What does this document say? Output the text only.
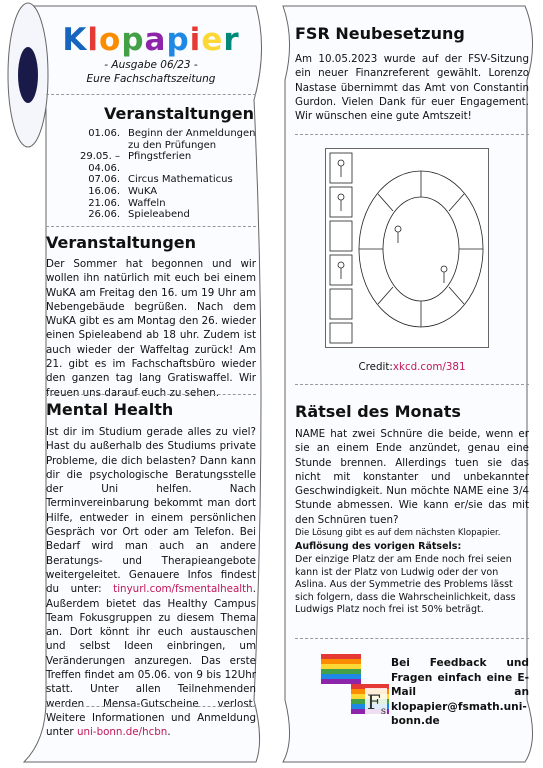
Klopapier
- Ausgabe 06/23 -
Eure Fachschaftszeitung
Veranstaltungen
01.06. Beginn der Anmeldungen
zu den Prüfungen
29.05. – 04.06.
Pfingstferien
07.06. Circus Mathematicus
16.06. WuKA
21.06. Waffeln
26.06. Spieleabend
Veranstaltungen
Der Sommer hat begonnen und wir wollen ihn natürlich mit euch bei einem WuKA am Freitag den 16. um 19 Uhr am Nebengebäude begrüßen. Nach dem WuKA gibt es am Montag den 26. wieder einen Spieleabend ab 18 uhr. Zudem ist auch wieder der Waffeltag zurück! Am 21. gibt es im Fachschaftsbüro wieder den ganzen tag lang Gratiswaffel. Wir freuen uns darauf euch zu sehen.
Mental Health
Ist dir im Studium gerade alles zu viel? Hast du außerhalb des Studiums private Probleme, die dich belasten? Dann kann dir die psychologische Beratungsstelle der Uni helfen. Nach Terminvereinbarung bekommt man dort Hilfe, entweder in einem persönlichen Gespräch vor Ort oder am Telefon. Bei Bedarf wird man auch an andere Beratungs- und Therapieangebote weitergeleitet. Genauere Infos findest du unter: tinyurl.com/fsmentalhealth. Außerdem bietet das Healthy Campus Team Fokusgruppen zu diesem Thema an. Dort könnt ihr euch austauschen und selbst Ideen einbringen, um Veränderungen anzuregen. Das erste Treffen findet am 05.06. von 9 bis 12Uhr statt. Unter allen Teilnehmenden werden Mensa-Gutscheine verlost. Weitere Informationen und Anmeldung unter uni-bonn.de/hcbn.
FSR Neubesetzung
Am 10.05.2023 wurde auf der FSV-Sitzung ein neuer Finanzreferent gewählt. Lorenzo Nastase übernimmt das Amt von Constantin Gurdon. Vielen Dank für euer Engagement. Wir wünschen eine gute Amtszeit!
Credit:xkcd.com/381
Rätsel des Monats
NAME hat zwei Schnüre die beide, wenn er sie an einem Ende anzündet, genau eine Stunde brennen. Allerdings tuen sie das nicht mit konstanter und unbekannter Geschwindigkeit. Nun möchte NAME eine 3/4 Stunde abmessen. Wie kann er/sie das mit den Schnüren tuen?
Die Lösung gibt es auf dem nächsten Klopapier.
Auflösung des vorigen Rätsels:
Der einzige Platz der am Ende noch frei seien kann ist der Platz von Ludwig oder der von Aslina. Aus der Symmetrie des Problems lässt sich folgern, dass die Wahrscheinlichkeit, dass Ludwigs Platz noch frei ist 50% beträgt.
$F_s$
Bei Feedback und Fragen einfach eine E-Mail an klopapier@fsmath.uni-bonn.de
